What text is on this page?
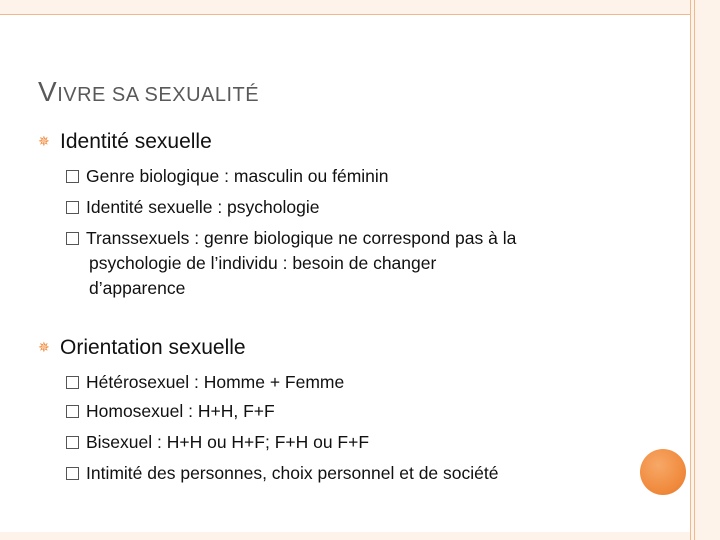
VIVRE SA SEXUALITÉ
✵ Identité sexuelle
Genre biologique : masculin ou féminin
Identité sexuelle : psychologie
Transsexuels : genre biologique ne correspond pas à la
psychologie de l’individu : besoin de changer
d’apparence
✵ Orientation sexuelle
Hétérosexuel : Homme + Femme
Homosexuel : H+H, F+F
Bisexuel : H+H ou H+F; F+H ou F+F
Intimité des personnes, choix personnel et de société
